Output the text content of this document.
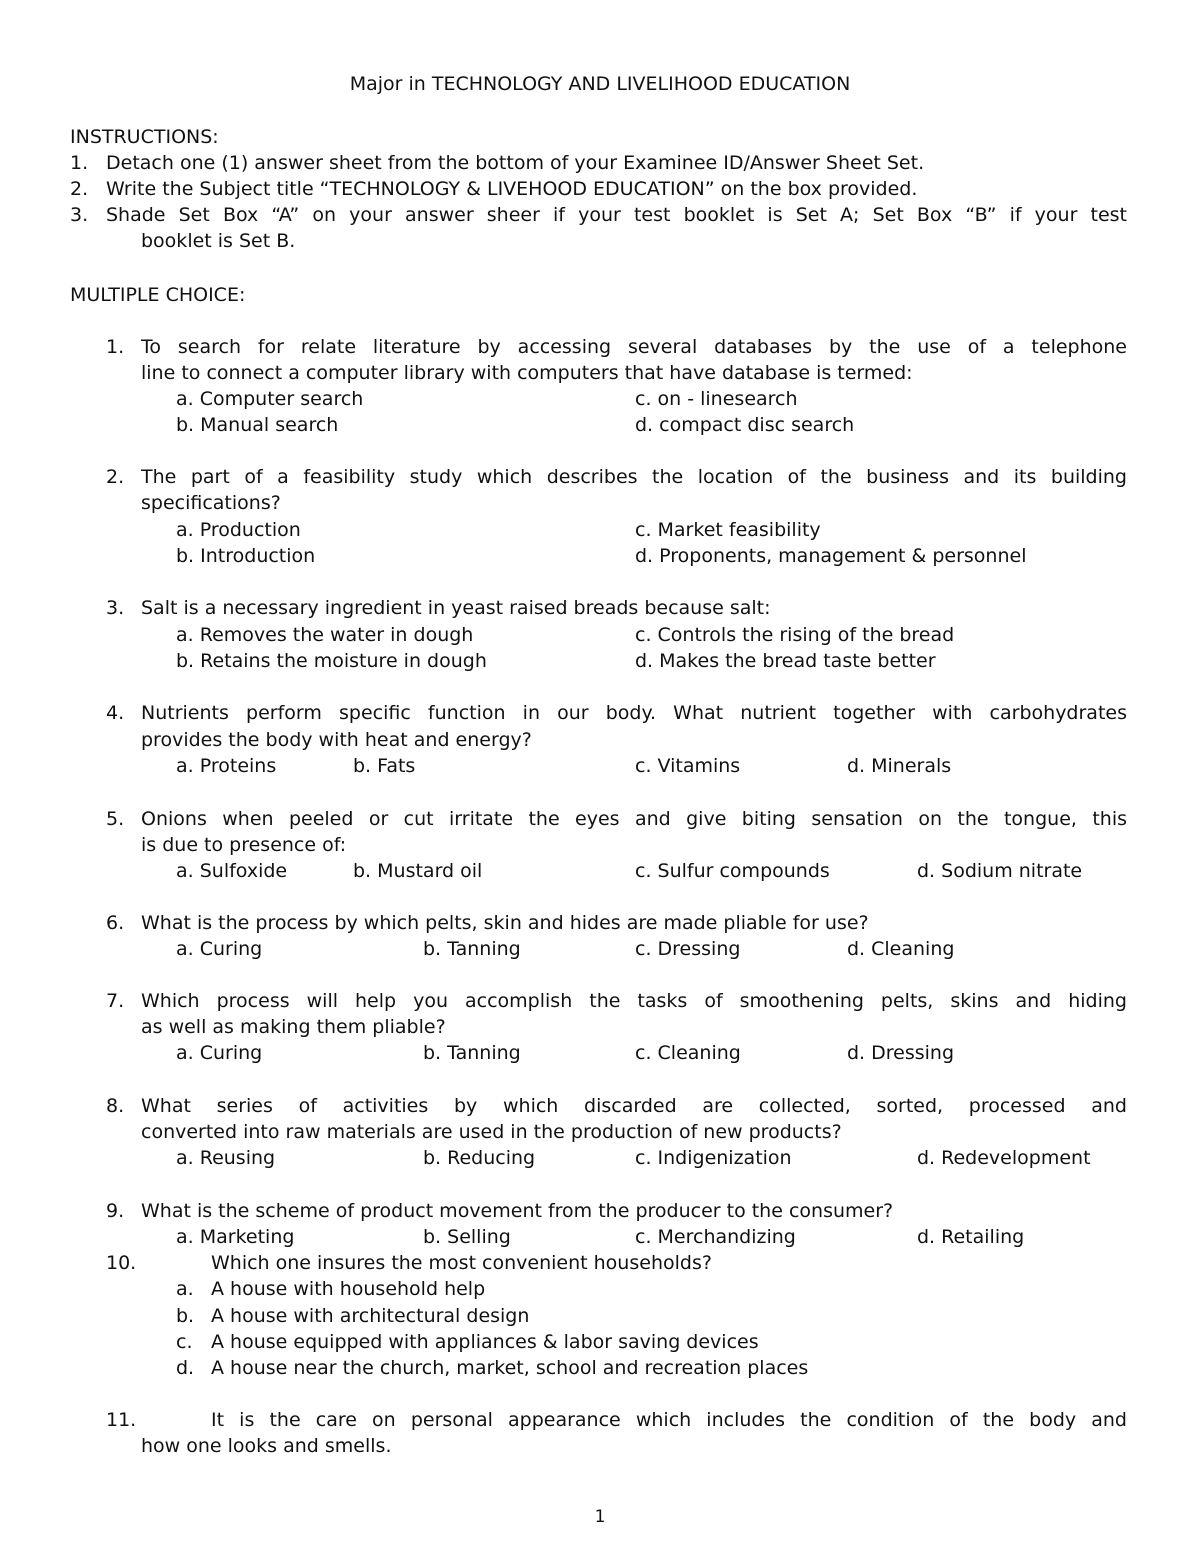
Major in TECHNOLOGY AND LIVELIHOOD EDUCATION
INSTRUCTIONS:
1. Detach one (1) answer sheet from the bottom of your Examinee ID/Answer Sheet Set.
2. Write the Subject title “TECHNOLOGY & LIVEHOOD EDUCATION” on the box provided.
3. Shade Set Box “A” on your answer sheer if your test booklet is Set A; Set Box “B” if your test
booklet is Set B.
MULTIPLE CHOICE:
1. To search for relate literature by accessing several databases by the use of a telephone
line to connect a computer library with computers that have database is termed:
a. Computer search
b. Manual search
c. on - linesearch
d. compact disc search
2. The part of a feasibility study which describes the location of the business and its building
specifications?
a. Production
b. Introduction
c. Market feasibility
d. Proponents, management & personnel
3. Salt is a necessary ingredient in yeast raised breads because salt:
a. Removes the water in dough
b. Retains the moisture in dough
c. Controls the rising of the bread
d. Makes the bread taste better
4. Nutrients perform specific function in our body. What nutrient together with carbohydrates
provides the body with heat and energy?
a. Proteins	b. Fats	c. Vitamins	d. Minerals
5. Onions when peeled or cut irritate the eyes and give biting sensation on the tongue, this
is due to presence of:
a. Sulfoxide	b. Mustard oil	c. Sulfur compounds	d. Sodium nitrate
6. What is the process by which pelts, skin and hides are made pliable for use?
a. Curing	b. Tanning	c. Dressing	d. Cleaning
7. Which process will help you accomplish the tasks of smoothening pelts, skins and hiding
as well as making them pliable?
a. Curing	b. Tanning	c. Cleaning	d. Dressing
8. What series of activities by which discarded are collected, sorted, processed and
converted into raw materials are used in the production of new products?
a. Reusing	b. Reducing	c. Indigenization	d. Redevelopment
9. What is the scheme of product movement from the producer to the consumer?
a. Marketing	b. Selling	c. Merchandizing	d. Retailing
10.	Which one insures the most convenient households?
a. A house with household help
b. A house with architectural design
c. A house equipped with appliances & labor saving devices
d. A house near the church, market, school and recreation places
11.	It is the care on personal appearance which includes the condition of the body and
how one looks and smells.
1
